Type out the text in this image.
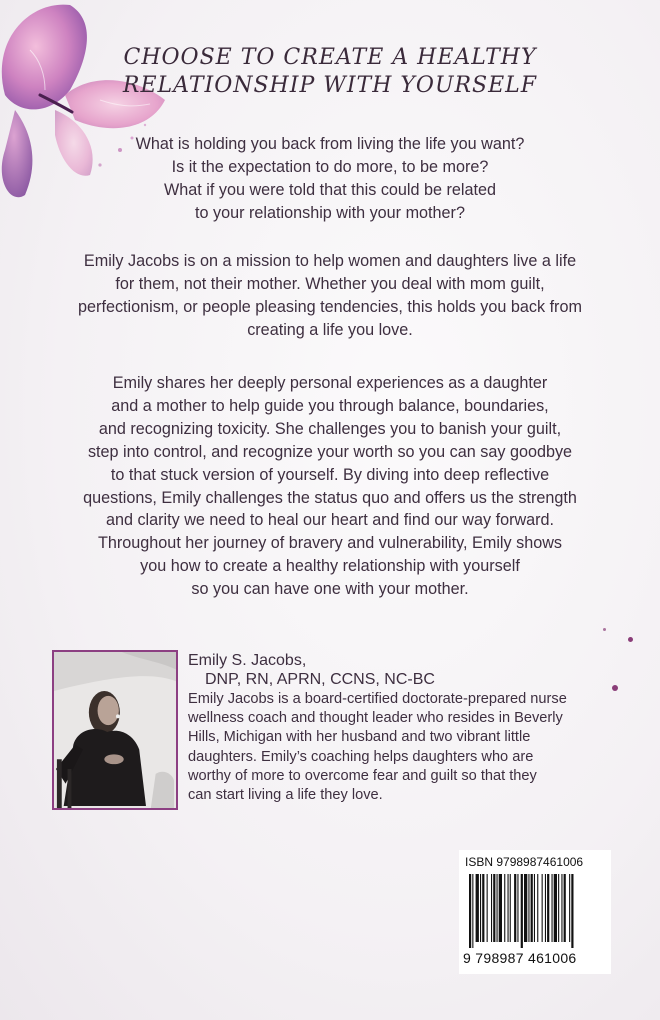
CHOOSE TO CREATE A HEALTHY
RELATIONSHIP WITH YOURSELF
What is holding you back from living the life you want?
Is it the expectation to do more, to be more?
What if you were told that this could be related
to your relationship with your mother?
Emily Jacobs is on a mission to help women and daughters live a life
for them, not their mother. Whether you deal with mom guilt,
perfectionism, or people pleasing tendencies, this holds you back from
creating a life you love.
Emily shares her deeply personal experiences as a daughter
and a mother to help guide you through balance, boundaries,
and recognizing toxicity. She challenges you to banish your guilt,
step into control, and recognize your worth so you can say goodbye
to that stuck version of yourself. By diving into deep reflective
questions, Emily challenges the status quo and offers us the strength
and clarity we need to heal our heart and find our way forward.
Throughout her journey of bravery and vulnerability, Emily shows
you how to create a healthy relationship with yourself
so you can have one with your mother.
Emily S. Jacobs,
DNP, RN, APRN, CCNS, NC-BC
Emily Jacobs is a board-certified doctorate-prepared nurse
wellness coach and thought leader who resides in Beverly
Hills, Michigan with her husband and two vibrant little
daughters. Emily’s coaching helps daughters who are
worthy of more to overcome fear and guilt so that they
can start living a life they love.
ISBN 9798987461006
9 798987 461006
